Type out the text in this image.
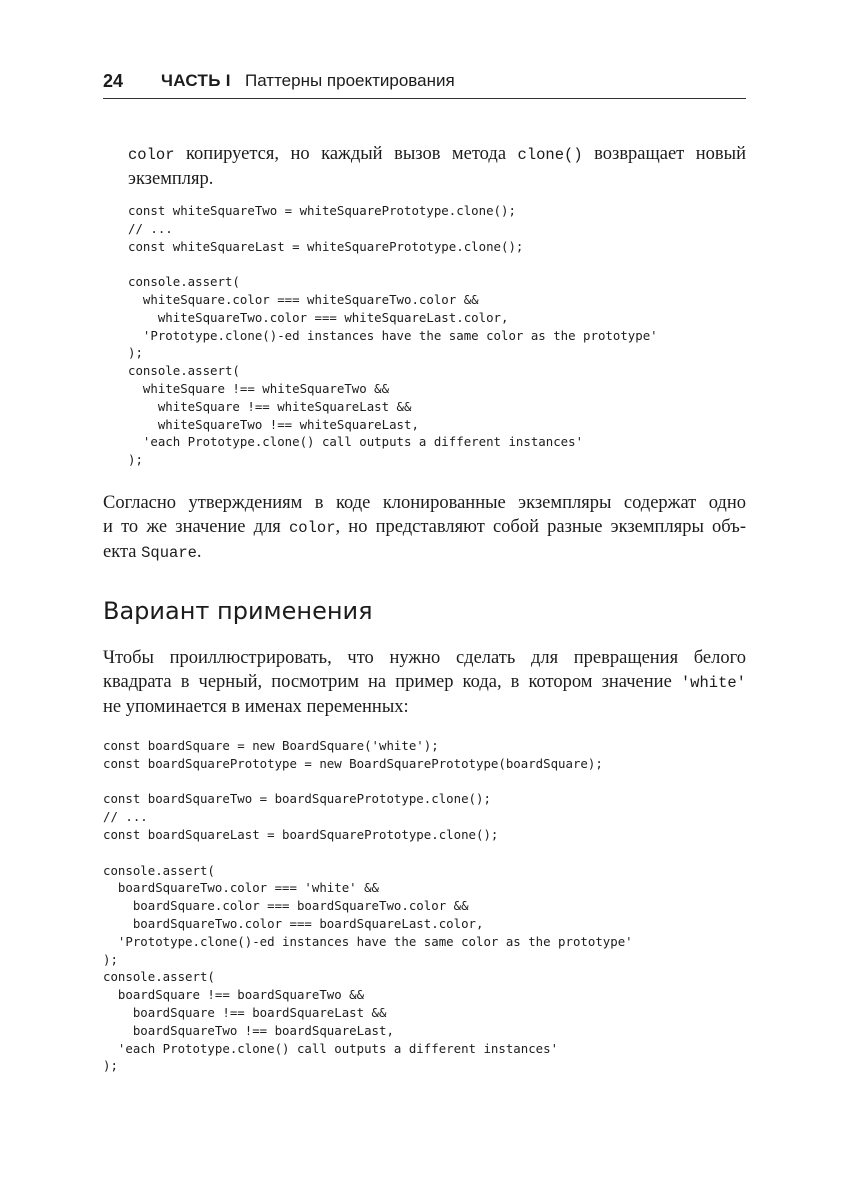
24 ЧАСТЬ I Паттерны проектирования
color копируется, но каждый вызов метода clone() возвращает новый
экземпляр.
const whiteSquareTwo = whiteSquarePrototype.clone();
// ...
const whiteSquareLast = whiteSquarePrototype.clone();
console.assert(
whiteSquare.color === whiteSquareTwo.color &&
whiteSquareTwo.color === whiteSquareLast.color,
'Prototype.clone()-ed instances have the same color as the prototype'
);
console.assert(
whiteSquare !== whiteSquareTwo &&
whiteSquare !== whiteSquareLast &&
whiteSquareTwo !== whiteSquareLast,
'each Prototype.clone() call outputs a different instances'
);
Согласно утверждениям в коде клонированные экземпляры содержат одно
и то же значение для color, но представляют собой разные экземпляры объ-
екта Square.
Вариант применения
Чтобы проиллюстрировать, что нужно сделать для превращения белого
квадрата в черный, посмотрим на пример кода, в котором значение 'white'
не упоминается в именах переменных:
const boardSquare = new BoardSquare('white');
const boardSquarePrototype = new BoardSquarePrototype(boardSquare);
const boardSquareTwo = boardSquarePrototype.clone();
// ...
const boardSquareLast = boardSquarePrototype.clone();
console.assert(
boardSquareTwo.color === 'white' &&
boardSquare.color === boardSquareTwo.color &&
boardSquareTwo.color === boardSquareLast.color,
'Prototype.clone()-ed instances have the same color as the prototype'
);
console.assert(
boardSquare !== boardSquareTwo &&
boardSquare !== boardSquareLast &&
boardSquareTwo !== boardSquareLast,
'each Prototype.clone() call outputs a different instances'
);
